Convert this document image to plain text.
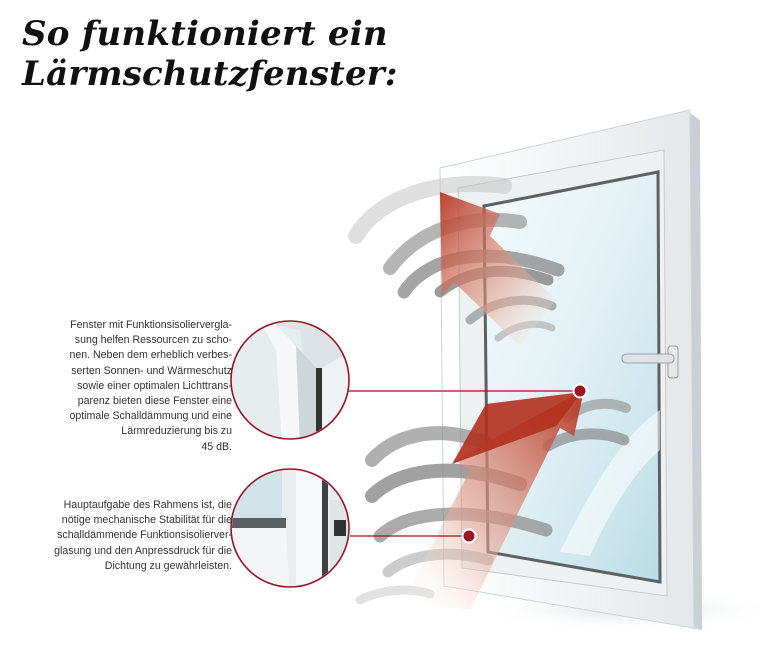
So funktioniert ein Lärmschutzfenster:

Fenster mit Funktionsisolierverglа-

sung helfen Ressourcen zu scho-

nen. Neben dem erheblich verbes-

serten Sonnen- und Wärmeschutz

sowie einer optimalen Lichttrans-

parenz bieten diese Fenster eine

optimale Schalldämmung und eine

Lärmreduzierung bis zu

45 dB.

Hauptaufgabe des Rahmens ist, die

nötige mechanische Stabilität für die

schalldämmende Funktionsisolierver-

glasung und den Anpressdruck für die

Dichtung zu gewährleisten.
